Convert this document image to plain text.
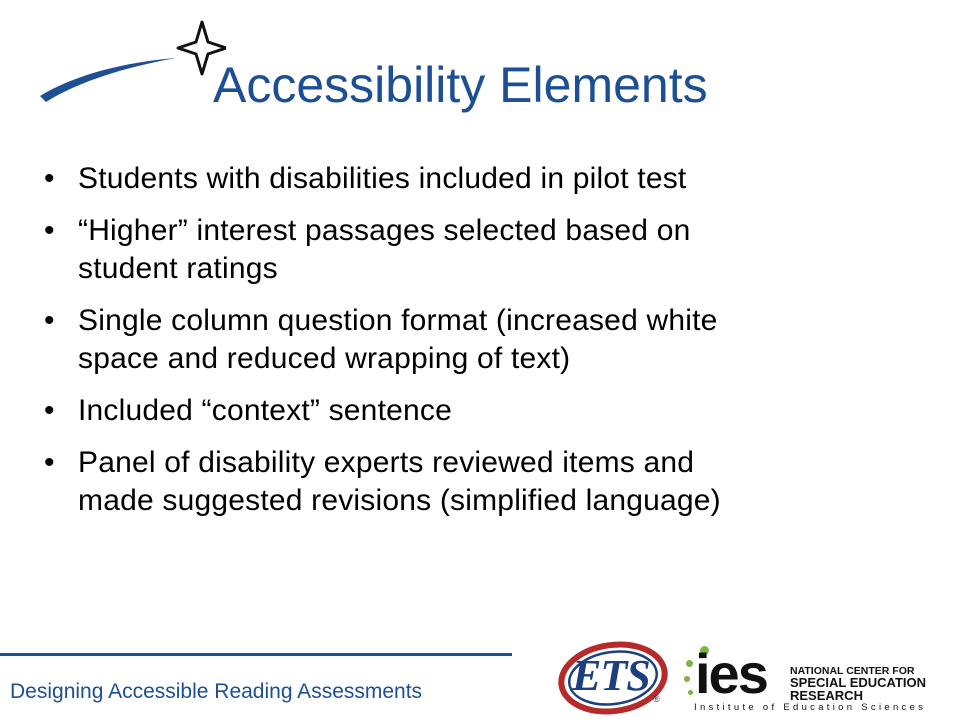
Accessibility Elements
• Students with disabilities included in pilot test
• “Higher” interest passages selected based on
student ratings
• Single column question format (increased white
space and reduced wrapping of text)
• Included “context” sentence
• Panel of disability experts reviewed items and
made suggested revisions (simplified language)
Designing Accessible Reading Assessments	ETS ® ies NATIONAL CENTER FOR
SPECIAL EDUCATION RESEARCH
Institute of Education Sciences
